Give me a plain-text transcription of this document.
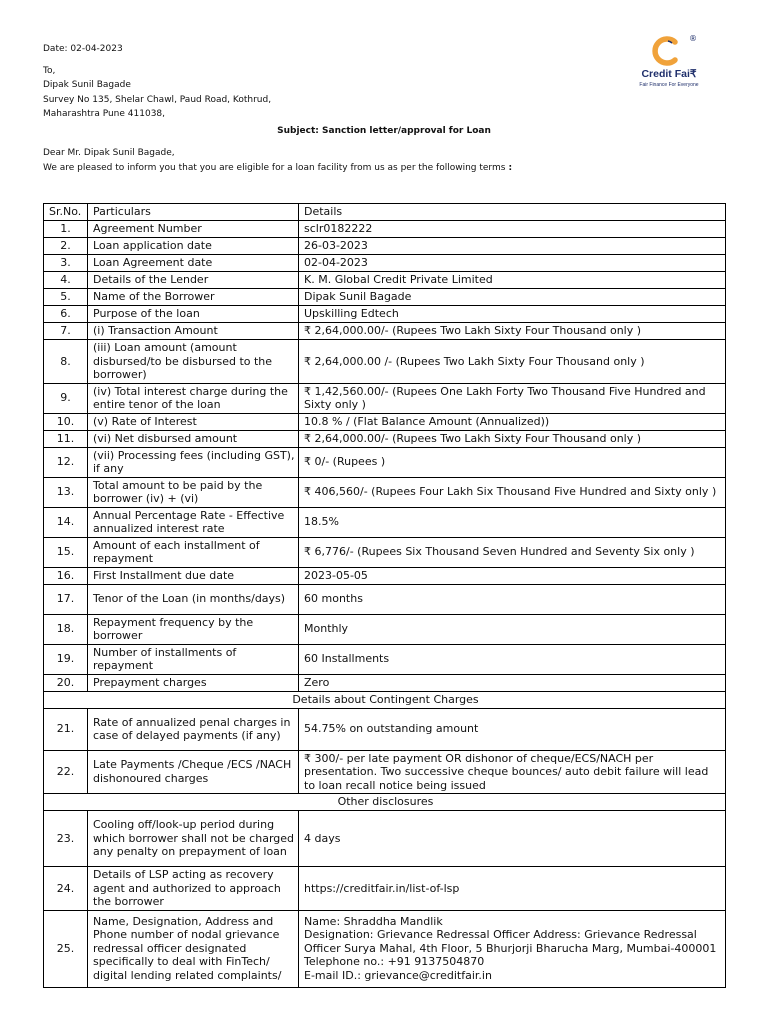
Date: 02-04-2023
To,
Dipak Sunil Bagade
Survey No 135, Shelar Chawl, Paud Road, Kothrud,
Maharashtra Pune 411038,
®
Credit Fai₹
Fair Finance For Everyone
Subject: Sanction letter/approval for Loan
Dear Mr. Dipak Sunil Bagade,
We are pleased to inform you that you are eligible for a loan facility from us as per the following terms :
Sr.No.	Particulars	Details
1.	Agreement Number	sclr0182222
2.	Loan application date	26-03-2023
3.	Loan Agreement date	02-04-2023
4.	Details of the Lender	K. M. Global Credit Private Limited
5.	Name of the Borrower	Dipak Sunil Bagade
6.	Purpose of the loan	Upskilling Edtech
7.	(i) Transaction Amount	₹ 2,64,000.00/- (Rupees Two Lakh Sixty Four Thousand only )
8.	(iii) Loan amount (amount disbursed/to be disbursed to the borrower)	₹ 2,64,000.00 /- (Rupees Two Lakh Sixty Four Thousand only )
9.	(iv) Total interest charge during the entire tenor of the loan	₹ 1,42,560.00/- (Rupees One Lakh Forty Two Thousand Five Hundred and Sixty only )
10.	(v) Rate of Interest	10.8 % / (Flat Balance Amount (Annualized))
11.	(vi) Net disbursed amount	₹ 2,64,000.00/- (Rupees Two Lakh Sixty Four Thousand only )
12.	(vii) Processing fees (including GST), if any	₹ 0/- (Rupees )
13.	Total amount to be paid by the borrower (iv) + (vi)	₹ 406,560/- (Rupees Four Lakh Six Thousand Five Hundred and Sixty only )
14.	Annual Percentage Rate - Effective annualized interest rate	18.5%
15.	Amount of each installment of repayment	₹ 6,776/- (Rupees Six Thousand Seven Hundred and Seventy Six only )
16.	First Installment due date	2023-05-05
17.	Tenor of the Loan (in months/days)	60 months
18.	Repayment frequency by the borrower	Monthly
19.	Number of installments of repayment	60 Installments
20.	Prepayment charges	Zero
Details about Contingent Charges		
21.	Rate of annualized penal charges in case of delayed payments (if any)	54.75% on outstanding amount
22.	Late Payments /Cheque /ECS /NACH dishonoured charges	₹ 300/- per late payment OR dishonor of cheque/ECS/NACH per presentation. Two successive cheque bounces/ auto debit failure will lead to loan recall notice being issued
Other disclosures		
23.	Cooling off/look-up period during which borrower shall not be charged any penalty on prepayment of loan	4 days
24.	Details of LSP acting as recovery agent and authorized to approach the borrower	https://creditfair.in/list-of-lsp
25.	Name, Designation, Address and Phone number of nodal grievance redressal officer designated specifically to deal with FinTech/ digital lending related complaints/	Name: Shraddha Mandlik
Designation: Grievance Redressal Officer Address: Grievance Redressal Officer Surya Mahal, 4th Floor, 5 Bhurjorji Bharucha Marg, Mumbai-400001
Telephone no.: +91 9137504870
E-mail ID.: grievance@creditfair.in
